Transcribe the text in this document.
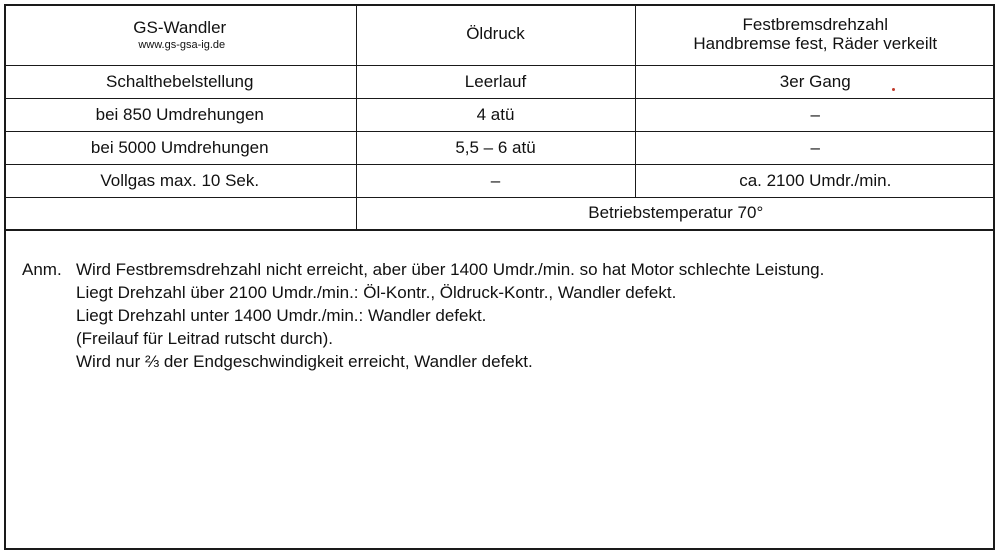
GS-Wandler
www.gs-gsa-ig.de	Öldruck	Festbremsdrehzahl
Handbremse fest, Räder verkeilt

Schalthebelstellung	Leerlauf	3er Gang
bei 850 Umdrehungen	4 atü	–
bei 5000 Umdrehungen	5,5 – 6 atü	–
Vollgas max. 10 Sek.	–	ca. 2100 Umdr./min.
	Betriebstemperatur 70°	
Anm. Wird Festbremsdrehzahl nicht erreicht, aber über 1400 Umdr./min. so hat Motor schlechte Leistung.
Liegt Drehzahl über 2100 Umdr./min.: Öl-Kontr., Öldruck-Kontr., Wandler defekt.
Liegt Drehzahl unter 1400 Umdr./min.: Wandler defekt.
(Freilauf für Leitrad rutscht durch).
Wird nur ⅔ der Endgeschwindigkeit erreicht, Wandler defekt.
